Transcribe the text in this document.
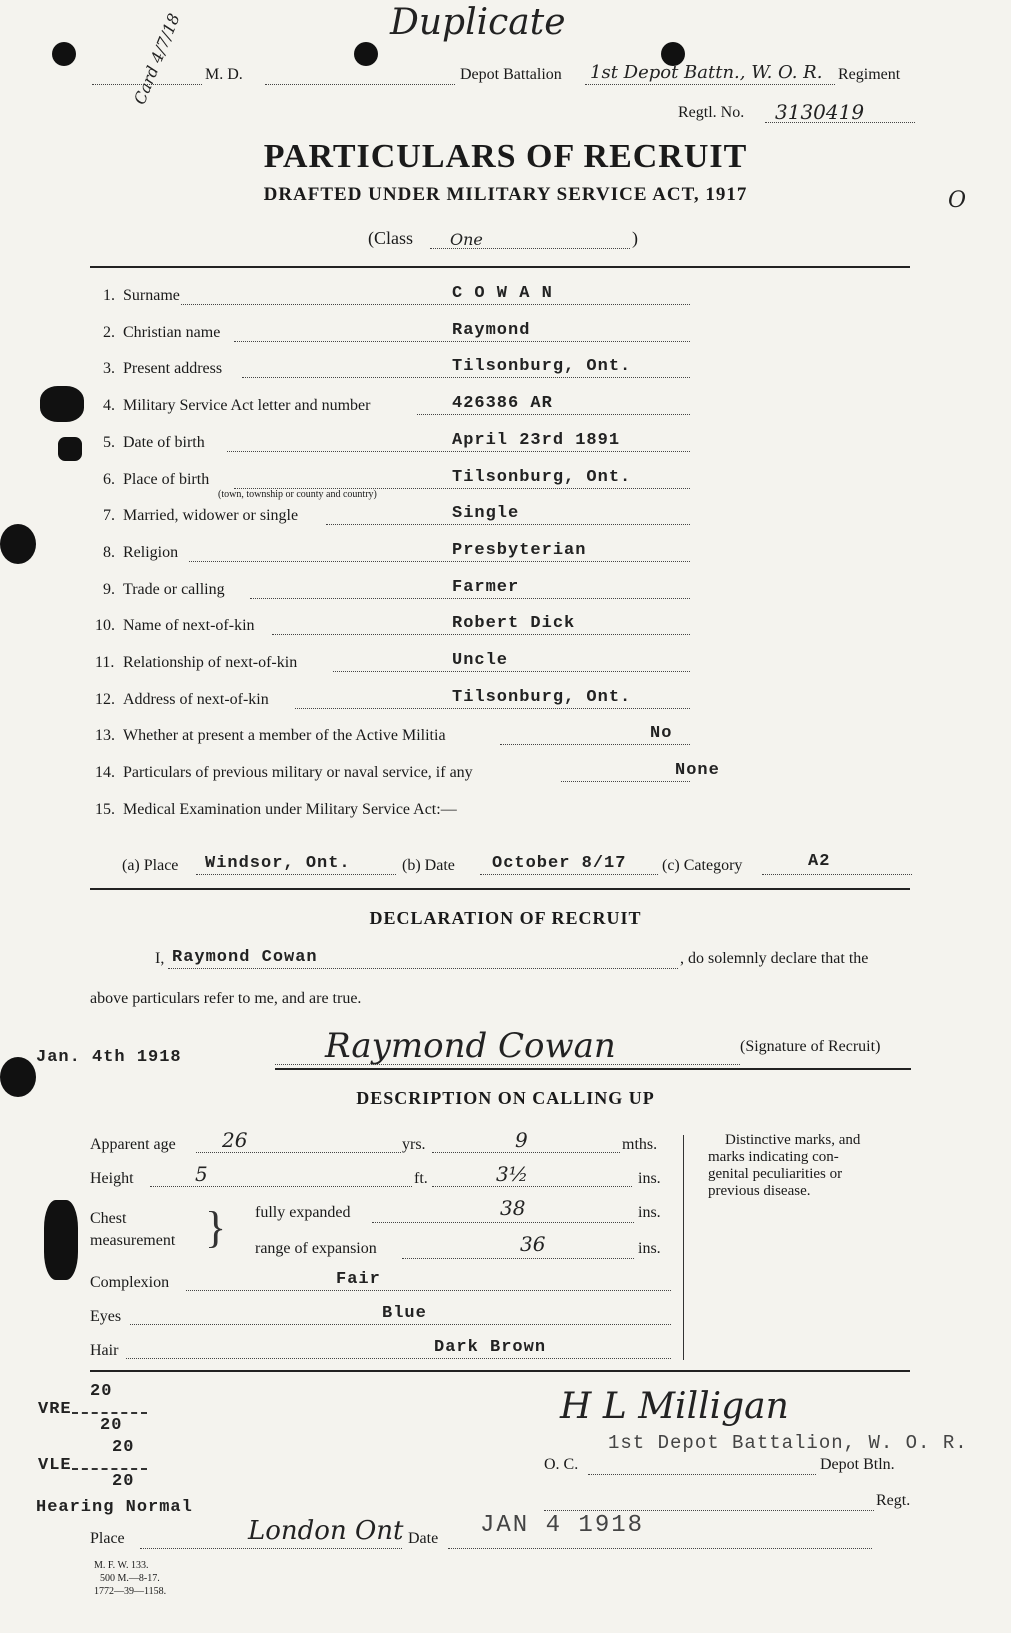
Duplicate
Card 4/7/18 M. D.	Depot Battalion 1st Depot Battn., W. O. R. Regiment
Regtl. No. 3130419
O
PARTICULARS OF RECRUIT
DRAFTED UNDER MILITARY SERVICE ACT, 1917
(Class One	)
1. Surname	C O W A N
2. Christian name	Raymond
3. Present address	Tilsonburg, Ont.
4. Military Service Act letter and number	426386 AR
5. Date of birth	April 23rd 1891
6. Place of birth
(town, township or county and country)
Tilsonburg, Ont.
7. Married, widower or single	Single
8. Religion	Presbyterian
9. Trade or calling	Farmer
10. Name of next-of-kin	Robert Dick
11. Relationship of next-of-kin	Uncle
12. Address of next-of-kin	Tilsonburg, Ont.
13. Whether at present a member of the Active Militia	No
14. Particulars of previous military or naval service, if any	None
15. Medical Examination under Military Service Act:—
(a) Place Windsor, Ont.	(b) Date October 8/17 (c) Category	A2
DECLARATION OF RECRUIT
I, Raymond Cowan	, do solemnly declare that the
above particulars refer to me, and are true.
Jan. 4th 1918	Raymond Cowan	(Signature of Recruit)
DESCRIPTION ON CALLING UP
Apparent age 26	yrs.	9	mths.
Height	5	ft.	3½	ins.
Chest
measurement } fully expanded	38	ins.
range of expansion	36	ins.
Complexion	Fair
Eyes	Blue
Hair	Dark Brown
Distinctive marks, and
marks indicating con-
genital peculiarities or
previous disease.
20
VRE
20
20
VLE
20
Hearing Normal
H L Milligan
1st Depot Battalion, W. O. R.
O. C.	Depot Btln.
Regt.
Place	London Ont Date JAN 4 1918
M. F. W. 133.
500 M.—8-17.
1772—39—1158.
